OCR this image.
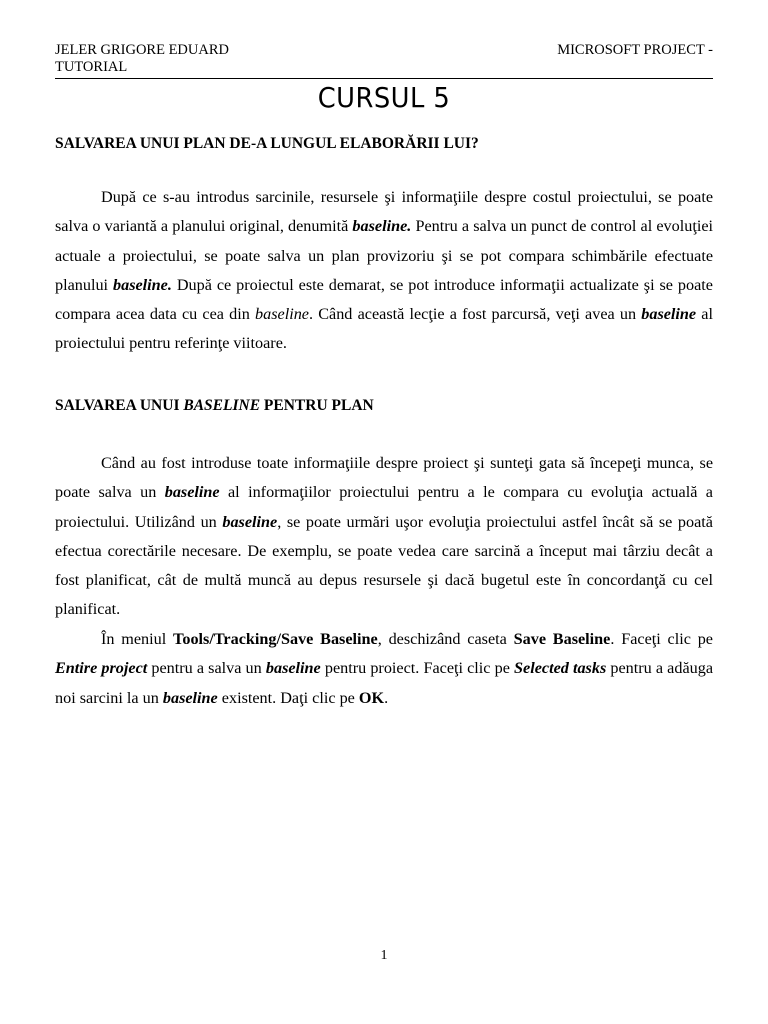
JELER GRIGORE EDUARD	MICROSOFT PROJECT -
TUTORIAL
CURSUL 5
SALVAREA UNUI PLAN DE-A LUNGUL ELABORĂRII LUI?

După ce s-au introdus sarcinile, resursele şi informaţiile despre costul proiectului, se poate salva o variantă a planului original, denumită baseline. Pentru a salva un punct de control al evoluţiei actuale a proiectului, se poate salva un plan provizoriu şi se pot compara schimbările efectuate planului baseline. După ce proiectul este demarat, se pot introduce informaţii actualizate şi se poate compara acea data cu cea din baseline. Când această lecţie a fost parcursă, veţi avea un baseline al proiectului pentru referinţe viitoare.

SALVAREA UNUI BASELINE PENTRU PLAN

Când au fost introduse toate informaţiile despre proiect şi sunteţi gata să începeţi munca, se poate salva un baseline al informaţiilor proiectului pentru a le compara cu evoluţia actuală a proiectului. Utilizând un baseline, se poate urmări uşor evoluţia proiectului astfel încât să se poată efectua corectările necesare. De exemplu, se poate vedea care sarcină a început mai târziu decât a fost planificat, cât de multă muncă au depus resursele şi dacă bugetul este în concordanţă cu cel planificat.

În meniul Tools/Tracking/Save Baseline, deschizând caseta Save Baseline. Faceţi clic pe Entire project pentru a salva un baseline pentru proiect. Faceţi clic pe Selected tasks pentru a adăuga noi sarcini la un baseline existent. Daţi clic pe OK.

1
